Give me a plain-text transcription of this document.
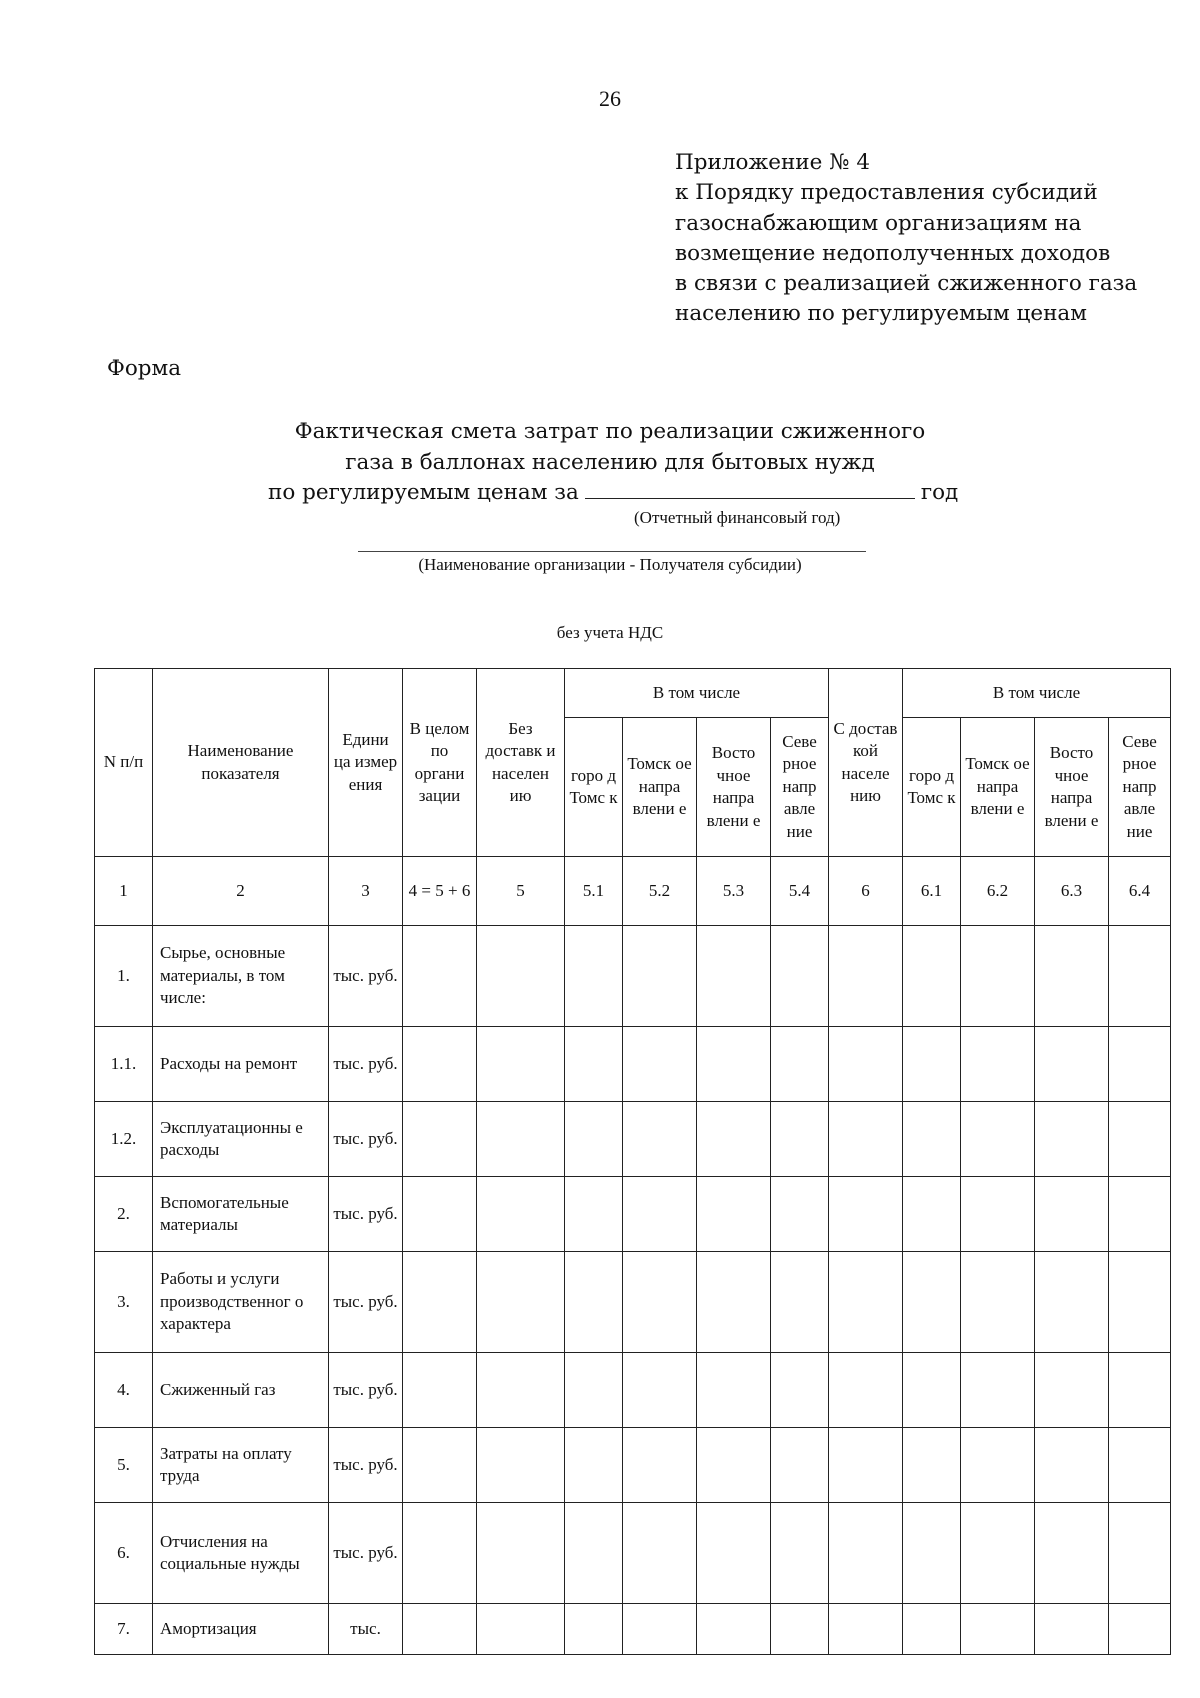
26
Приложение № 4
к Порядку предоставления субсидий
газоснабжающим организациям на
возмещение недополученных доходов
в связи с реализацией сжиженного газа
населению по регулируемым ценам
Форма
Фактическая смета затрат по реализации сжиженного
газа в баллонах населению для бытовых нужд
по регулируемым ценам за	год
(Отчетный финансовый год)
(Наименование организации - Получателя субсидии)
без учета НДС
N п/п	Наименование показателя	Едини ца измер ения	В целом по органи зации	Без доставк и населен ию	В том числе				С достав кой населе нию	В том числе			
					горо д Томс к	Томск ое напра влени е	Восто чное напра влени е	Севе рное напр авле ние		горо д Томс к	Томск ое напра влени е	Восто чное напра влени е	Севе рное напр авле ние
1	2	3	4 = 5 + 6	5	5.1	5.2	5.3	5.4	6	6.1	6.2	6.3	6.4
1.	Сырье, основные материалы, в том числе:	тыс. руб.											
1.1.	Расходы на ремонт	тыс. руб.											
1.2.	Эксплуатационны е расходы	тыс. руб.											
2.	Вспомогательные материалы	тыс. руб.											
3.	Работы и услуги производственног о характера	тыс. руб.											
4.	Сжиженный газ	тыс. руб.											
5.	Затраты на оплату труда	тыс. руб.											
6.	Отчисления на социальные нужды	тыс. руб.											
7.	Амортизация	тыс.											
